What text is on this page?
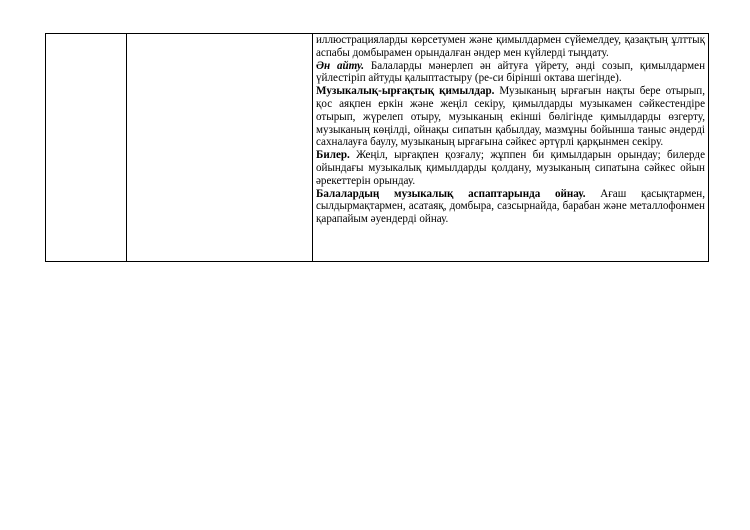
иллюстрацияларды көрсетумен және қимылдармен сүйемелдеу, қазақтың ұлттық аспабы домбырамен орындалған әндер мен күйлерді тыңдату.

Ән айту. Балаларды мәнерлеп ән айтуға үйрету, әнді созып, қимылдармен үйлестіріп айтуды қалыптастыру (ре-си бірінші октава шегінде).

Музыкалық-ырғақтық қимылдар. Музыканың ырғағын нақты бере отырып, қос аяқпен еркін және жеңіл секіру, қимылдарды музыкамен сәйкестендіре отырып, жүрелеп отыру, музыканың екінші бөлігінде қимылдарды өзгерту, музыканың көңілді, ойнақы сипатын қабылдау, мазмұны бойынша таныс әндерді сахналауға баулу, музыканың ырғағына сәйкес әртүрлі қарқынмен секіру.

Билер. Жеңіл, ырғақпен қозғалу; жұппен би қимылдарын орындау; билерде ойындағы музыкалық қимылдарды қолдану, музыканың сипатына сәйкес ойын әрекеттерін орындау.

Балалардың музыкалық аспаптарында ойнау. Ағаш қасықтармен, сылдырмақтармен, асатаяқ, домбыра, сазсырнайда, барабан және металлофонмен қарапайым әуендерді ойнау.
